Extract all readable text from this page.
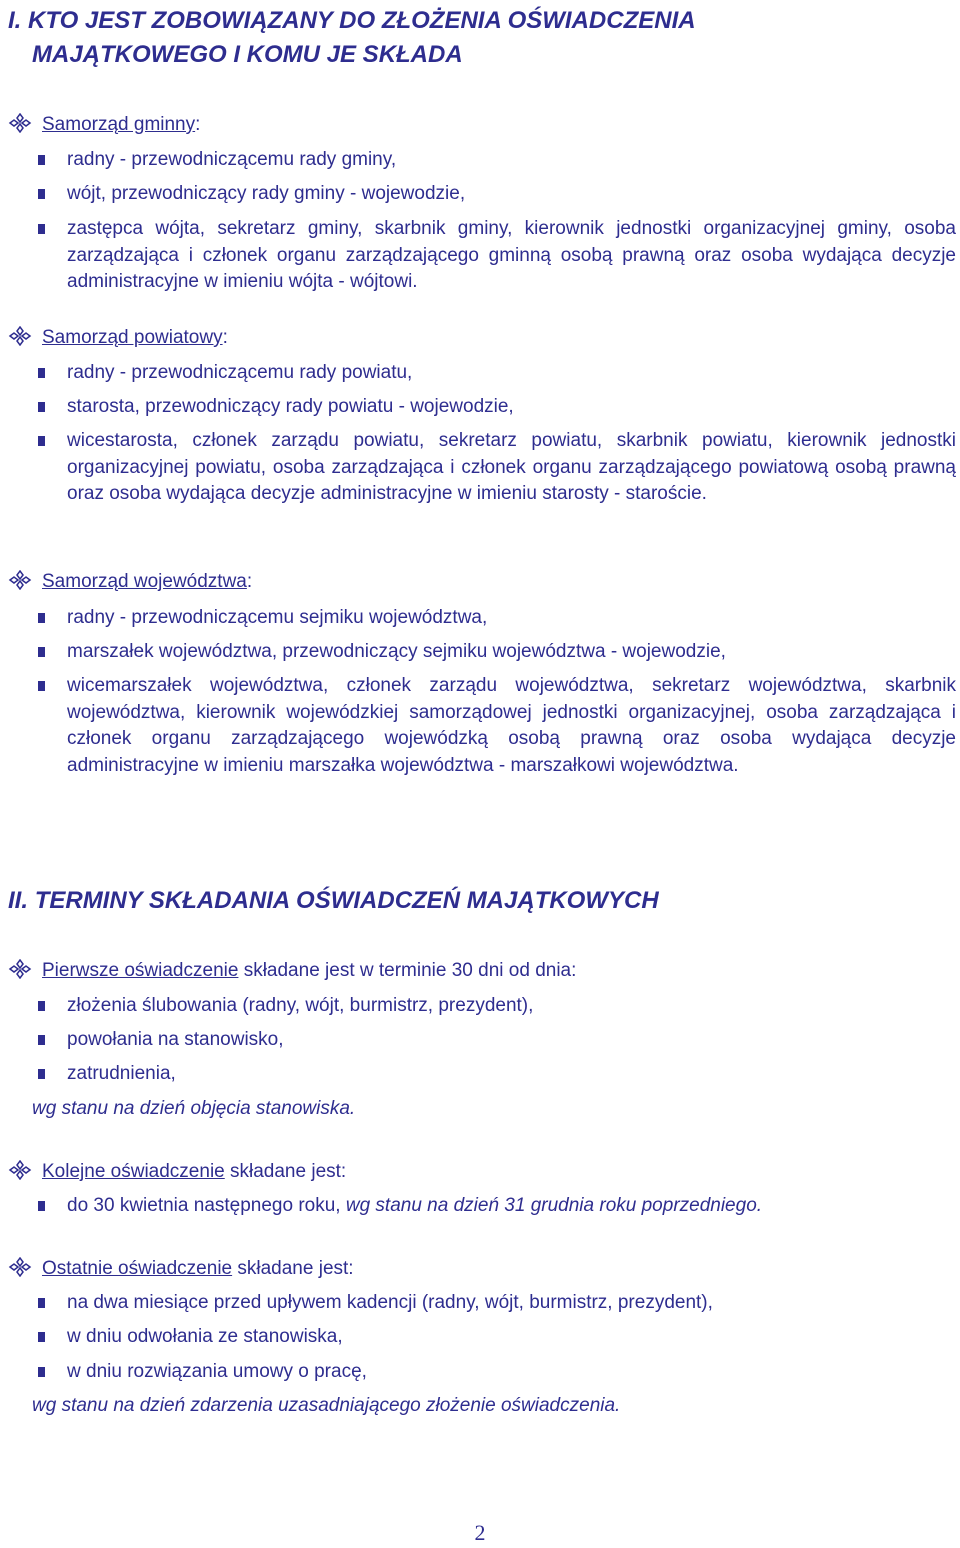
I. KTO JEST ZOBOWIĄZANY DO ZŁOŻENIA OŚWIADCZENIA
MAJĄTKOWEGO I KOMU JE SKŁADA
Samorząd gminny:
radny - przewodniczącemu rady gminy,
wójt, przewodniczący rady gminy - wojewodzie,
zastępca wójta, sekretarz gminy, skarbnik gminy, kierownik jednostki organizacyjnej gminy, osoba zarządzająca i członek organu zarządzającego gminną osobą prawną oraz osoba wydająca decyzje administracyjne w imieniu wójta - wójtowi.
Samorząd powiatowy:
radny - przewodniczącemu rady powiatu,
starosta, przewodniczący rady powiatu - wojewodzie,
wicestarosta, członek zarządu powiatu, sekretarz powiatu, skarbnik powiatu, kierownik jednostki organizacyjnej powiatu, osoba zarządzająca i członek organu zarządzającego powiatową osobą prawną oraz osoba wydająca decyzje administracyjne w imieniu starosty - staroście.
Samorząd województwa:
radny - przewodniczącemu sejmiku województwa,
marszałek województwa, przewodniczący sejmiku województwa - wojewodzie,
wicemarszałek województwa, członek zarządu województwa, sekretarz województwa, skarbnik województwa, kierownik wojewódzkiej samorządowej jednostki organizacyjnej, osoba zarządzająca i członek organu zarządzającego wojewódzką osobą prawną oraz osoba wydająca decyzje administracyjne w imieniu marszałka województwa - marszałkowi województwa.
II. TERMINY SKŁADANIA OŚWIADCZEŃ MAJĄTKOWYCH
Pierwsze oświadczenie składane jest w terminie 30 dni od dnia:
złożenia ślubowania (radny, wójt, burmistrz, prezydent),
powołania na stanowisko,
zatrudnienia,
wg stanu na dzień objęcia stanowiska.
Kolejne oświadczenie składane jest:
do 30 kwietnia następnego roku, wg stanu na dzień 31 grudnia roku poprzedniego.
Ostatnie oświadczenie składane jest:
na dwa miesiące przed upływem kadencji (radny, wójt, burmistrz, prezydent),
w dniu odwołania ze stanowiska,
w dniu rozwiązania umowy o pracę,
wg stanu na dzień zdarzenia uzasadniającego złożenie oświadczenia.
2
